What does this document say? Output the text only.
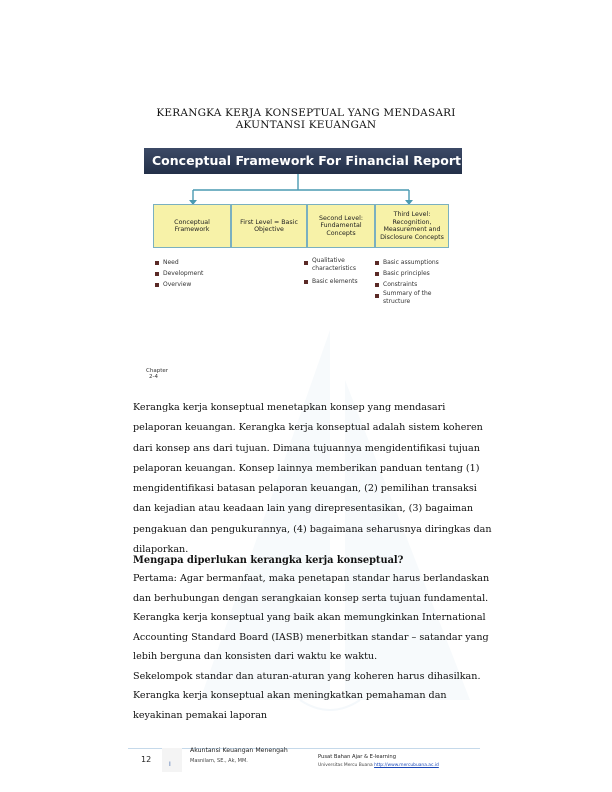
KERANGKA KERJA KONSEPTUAL YANG MENDASARI
AKUNTANSI KEUANGAN
Conceptual Framework For Financial Reporting
Conceptual Framework
First Level = Basic Objective
Second Level: Fundamental Concepts
Third Level: Recognition, Measurement and Disclosure Concepts
Need
Development
Overview
Qualitative characteristics
Basic elements
Basic assumptions
Basic principles
Constraints
Summary of the structure
Chapter
2-4
Kerangka kerja konseptual menetapkan konsep yang mendasari pelaporan keuangan. Kerangka kerja konseptual adalah sistem koheren dari konsep ans dari tujuan. Dimana tujuannya mengidentifikasi tujuan pelaporan keuangan. Konsep lainnya memberikan panduan tentang (1) mengidentifikasi batasan pelaporan keuangan, (2) pemilihan transaksi dan kejadian atau keadaan lain yang direpresentasikan, (3) bagaiman pengakuan dan pengukurannya, (4) bagaimana seharusnya diringkas dan dilaporkan.
Mengapa diperlukan kerangka kerja konseptual?
Pertama: Agar bermanfaat, maka penetapan standar harus berlandaskan dan berhubungan dengan serangkaian konsep serta tujuan fundamental. Kerangka kerja konseptual yang baik akan memungkinkan International Accounting Standard Board (IASB) menerbitkan standar – satandar yang lebih berguna dan konsisten dari waktu ke waktu.
Sekelompok standar dan aturan-aturan yang koheren harus dihasilkan. Kerangka kerja konseptual akan meningkatkan pemahaman dan keyakinan pemakai laporan
12
I
Akuntansi Keuangan Menengah
Masnilam, SE., Ak, MM.
Pusat Bahan Ajar & E-learning
Universitas Mercu Buana http://www.mercubuana.ac.id
